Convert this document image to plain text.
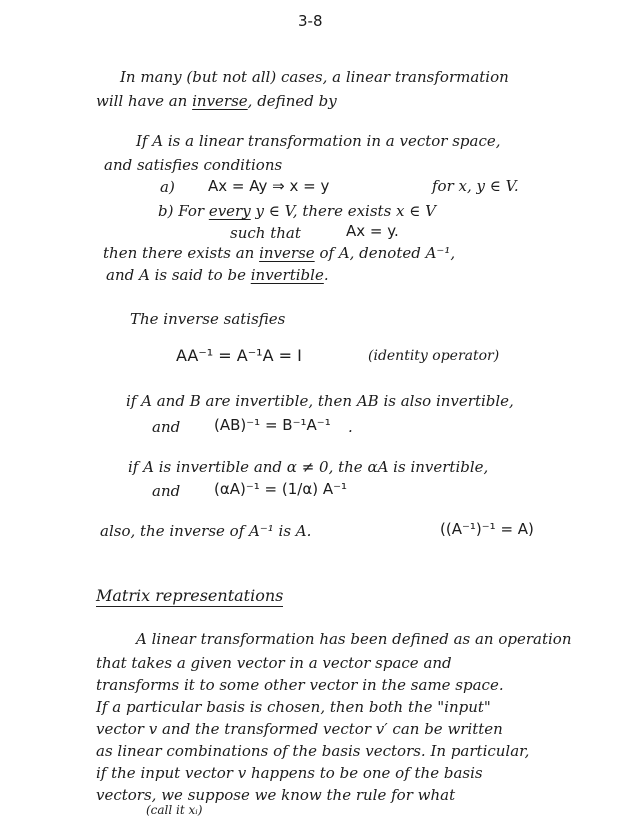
3-8
In many (but not all) cases, a linear transformation
will have an inverse, defined by
If A is a linear transformation in a vector space,
and satisfies conditions
a) Ax = Ay ⇒ x = y	for x, y ∈ V.
b) For every y ∈ V, there exists x ∈ V
such that	Ax = y.
then there exists an inverse of A, denoted A⁻¹,
and A is said to be invertible.
The inverse satisfies
AA⁻¹ = A⁻¹A = I	(identity operator)
if A and B are invertible, then AB is also invertible,
and (AB)⁻¹ = B⁻¹A⁻¹ .
if A is invertible and α ≠ 0, the αA is invertible,
and (αA)⁻¹ = (1/α) A⁻¹
also, the inverse of A⁻¹ is A.	((A⁻¹)⁻¹ = A)
Matrix representations
A linear transformation has been defined as an operation
that takes a given vector in a vector space and
transforms it to some other vector in the same space.
If a particular basis is chosen, then both the "input"
vector v and the transformed vector v′ can be written
as linear combinations of the basis vectors. In particular,
if the input vector v happens to be one of the basis
vectors, we suppose we know the rule for what
(call it xᵢ)
